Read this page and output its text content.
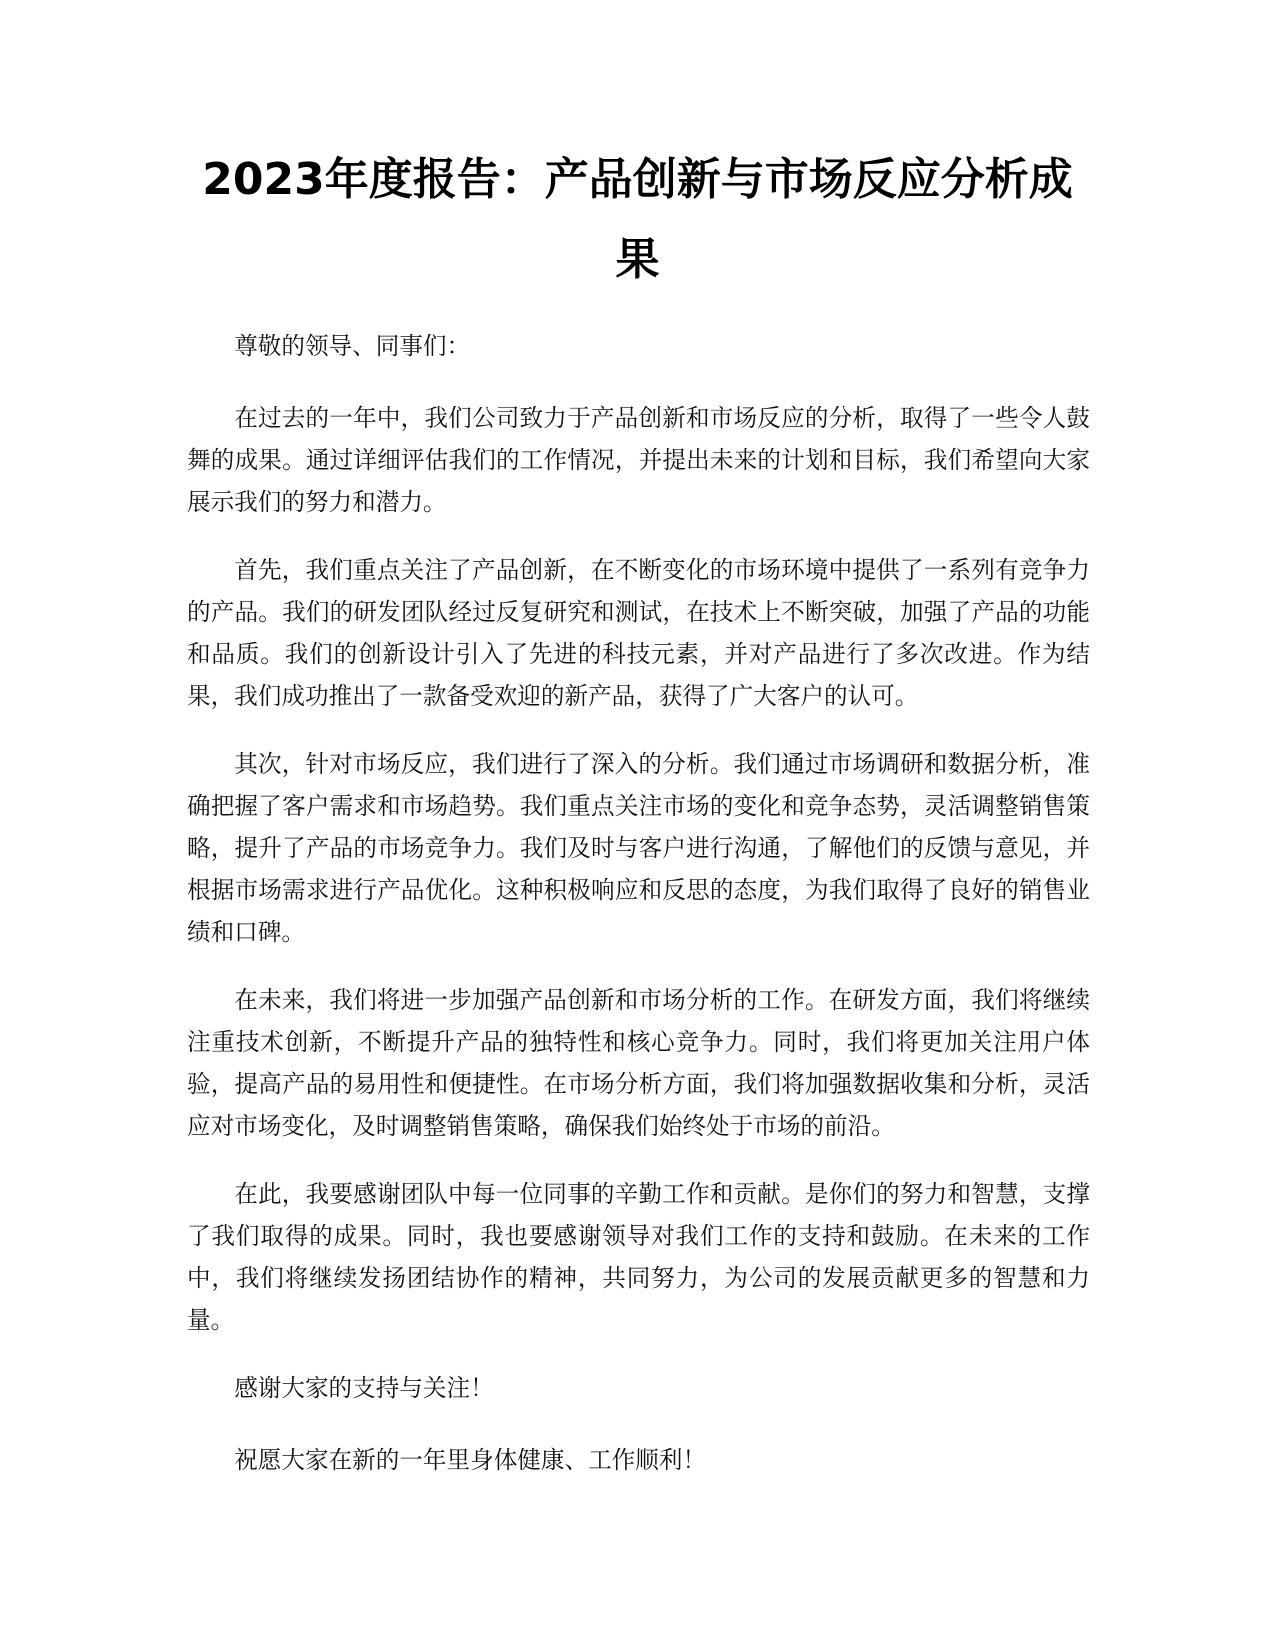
2023年度报告：产品创新与市场反应分析成果

尊敬的领导、同事们：

在过去的一年中，我们公司致力于产品创新和市场反应的分析，取得了一些令人鼓舞的成果。通过详细评估我们的工作情况，并提出未来的计划和目标，我们希望向大家展示我们的努力和潜力。

首先，我们重点关注了产品创新，在不断变化的市场环境中提供了一系列有竞争力的产品。我们的研发团队经过反复研究和测试，在技术上不断突破，加强了产品的功能和品质。我们的创新设计引入了先进的科技元素，并对产品进行了多次改进。作为结果，我们成功推出了一款备受欢迎的新产品，获得了广大客户的认可。

其次，针对市场反应，我们进行了深入的分析。我们通过市场调研和数据分析，准确把握了客户需求和市场趋势。我们重点关注市场的变化和竞争态势，灵活调整销售策略，提升了产品的市场竞争力。我们及时与客户进行沟通，了解他们的反馈与意见，并根据市场需求进行产品优化。这种积极响应和反思的态度，为我们取得了良好的销售业绩和口碑。

在未来，我们将进一步加强产品创新和市场分析的工作。在研发方面，我们将继续注重技术创新，不断提升产品的独特性和核心竞争力。同时，我们将更加关注用户体验，提高产品的易用性和便捷性。在市场分析方面，我们将加强数据收集和分析，灵活应对市场变化，及时调整销售策略，确保我们始终处于市场的前沿。

在此，我要感谢团队中每一位同事的辛勤工作和贡献。是你们的努力和智慧，支撑了我们取得的成果。同时，我也要感谢领导对我们工作的支持和鼓励。在未来的工作中，我们将继续发扬团结协作的精神，共同努力，为公司的发展贡献更多的智慧和力量。

感谢大家的支持与关注！

祝愿大家在新的一年里身体健康、工作顺利！
